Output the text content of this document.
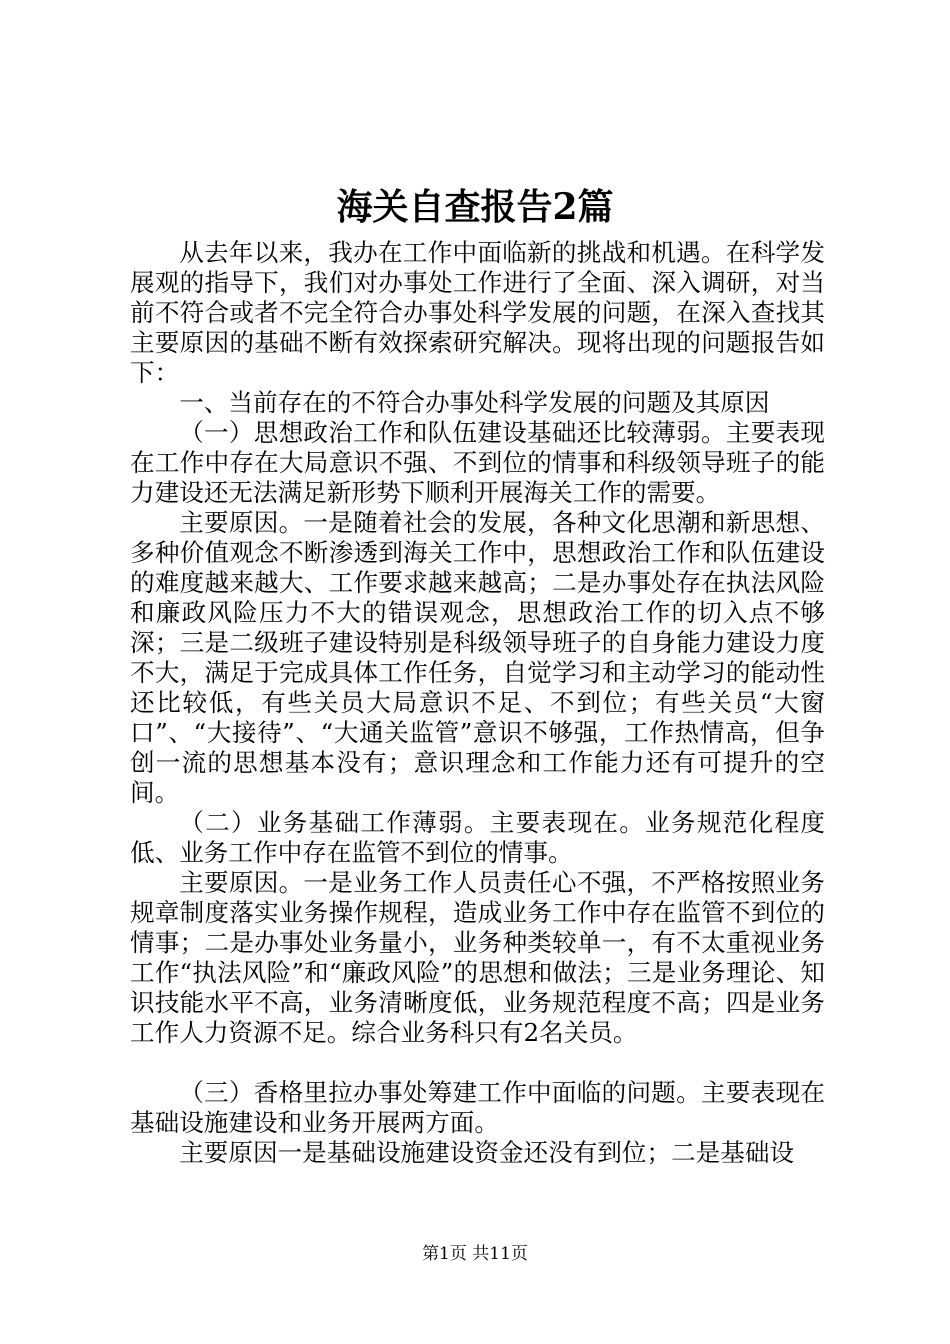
海关自查报告2篇

从去年以来，我办在工作中面临新的挑战和机遇。在科学发展观的指导下，我们对办事处工作进行了全面、深入调研，对当前不符合或者不完全符合办事处科学发展的问题，在深入查找其主要原因的基础不断有效探索研究解决。现将出现的问题报告如下：

一、当前存在的不符合办事处科学发展的问题及其原因

（一）思想政治工作和队伍建设基础还比较薄弱。主要表现在工作中存在大局意识不强、不到位的情事和科级领导班子的能力建设还无法满足新形势下顺利开展海关工作的需要。

主要原因。一是随着社会的发展，各种文化思潮和新思想、多种价值观念不断渗透到海关工作中，思想政治工作和队伍建设的难度越来越大、工作要求越来越高；二是办事处存在执法风险和廉政风险压力不大的错误观念，思想政治工作的切入点不够深；三是二级班子建设特别是科级领导班子的自身能力建设力度不大，满足于完成具体工作任务，自觉学习和主动学习的能动性还比较低，有些关员大局意识不足、不到位；有些关员“大窗口”、“大接待”、“大通关监管”意识不够强，工作热情高，但争创一流的思想基本没有；意识理念和工作能力还有可提升的空间。

（二）业务基础工作薄弱。主要表现在。业务规范化程度低、业务工作中存在监管不到位的情事。

主要原因。一是业务工作人员责任心不强，不严格按照业务规章制度落实业务操作规程，造成业务工作中存在监管不到位的情事；二是办事处业务量小，业务种类较单一，有不太重视业务工作“执法风险”和“廉政风险”的思想和做法；三是业务理论、知识技能水平不高，业务清晰度低，业务规范程度不高；四是业务工作人力资源不足。综合业务科只有2名关员。

（三）香格里拉办事处筹建工作中面临的问题。主要表现在基础设施建设和业务开展两方面。

主要原因一是基础设施建设资金还没有到位；二是基础设

第1页 共11页
